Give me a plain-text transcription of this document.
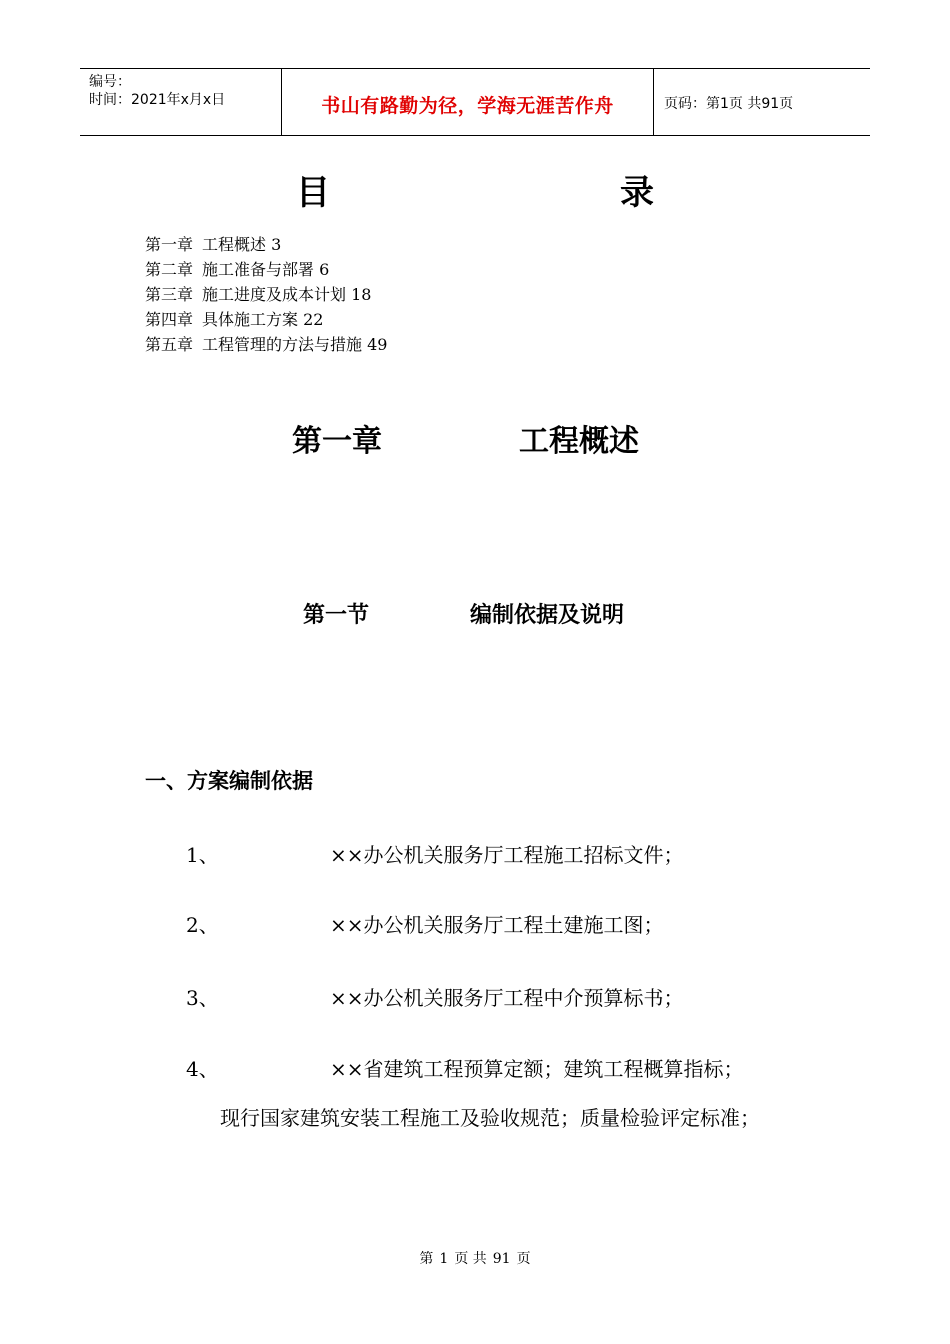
编号：
时间：2021年x月x日	书山有路勤为径，学海无涯苦作舟	页码：第1页 共91页
目	录
第一章 工程概述 3
第二章 施工准备与部署 6
第三章 施工进度及成本计划 18
第四章 具体施工方案 22
第五章 工程管理的方法与措施 49
第一章	工程概述
第一节	编制依据及说明
一、方案编制依据
1、	××办公机关服务厅工程施工招标文件；
2、	××办公机关服务厅工程土建施工图；
3、	××办公机关服务厅工程中介预算标书；
4、	××省建筑工程预算定额；建筑工程概算指标；
现行国家建筑安装工程施工及验收规范；质量检验评定标准；
第 1 页 共 91 页
